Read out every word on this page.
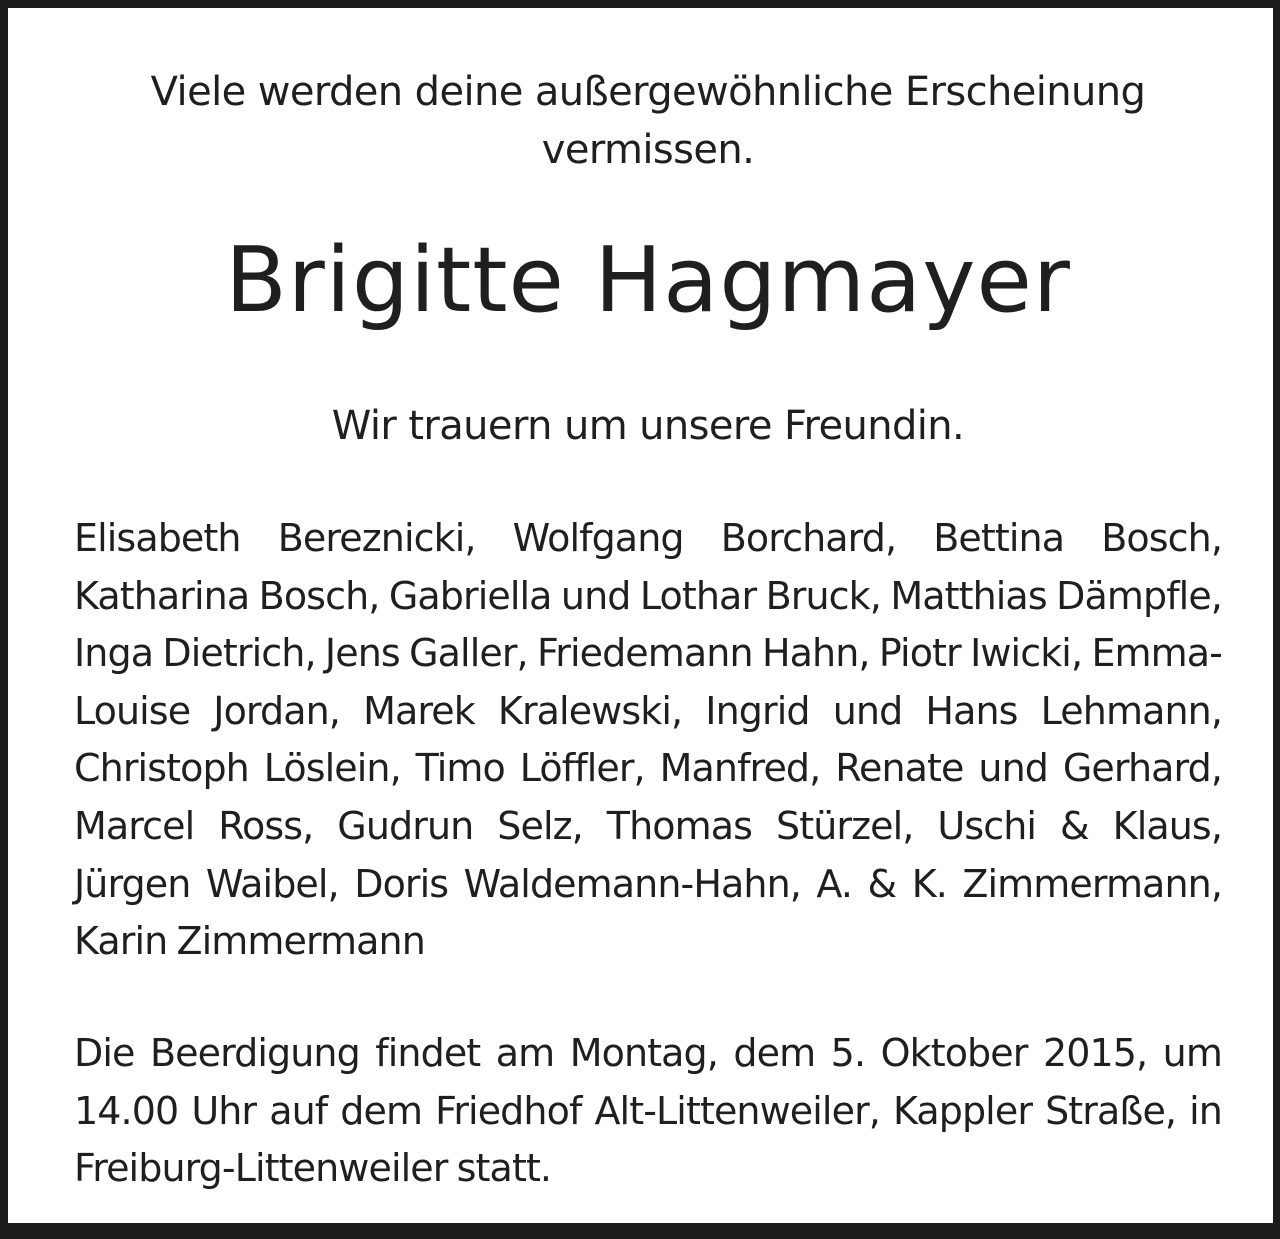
Viele werden deine außergewöhnliche Erscheinung vermissen.

Brigitte Hagmayer

Wir trauern um unsere Freundin.

Elisabeth Bereznicki, Wolfgang Borchard, Bettina Bosch, Katharina Bosch, Gabriella und Lothar Bruck, Matthias Dämpfle, Inga Dietrich, Jens Galler, Friedemann Hahn, Piotr Iwicki, Emma-Louise Jordan, Marek Kralewski, Ingrid und Hans Lehmann, Christoph Löslein, Timo Löffler, Manfred, Renate und Gerhard, Marcel Ross, Gudrun Selz, Thomas Stürzel, Uschi & Klaus, Jürgen Waibel, Doris Waldemann-Hahn, A. & K. Zimmermann, Karin Zimmermann

Die Beerdigung findet am Montag, dem 5. Oktober 2015, um 14.00 Uhr auf dem Friedhof Alt-Littenweiler, Kappler Straße, in Freiburg-Littenweiler statt.
